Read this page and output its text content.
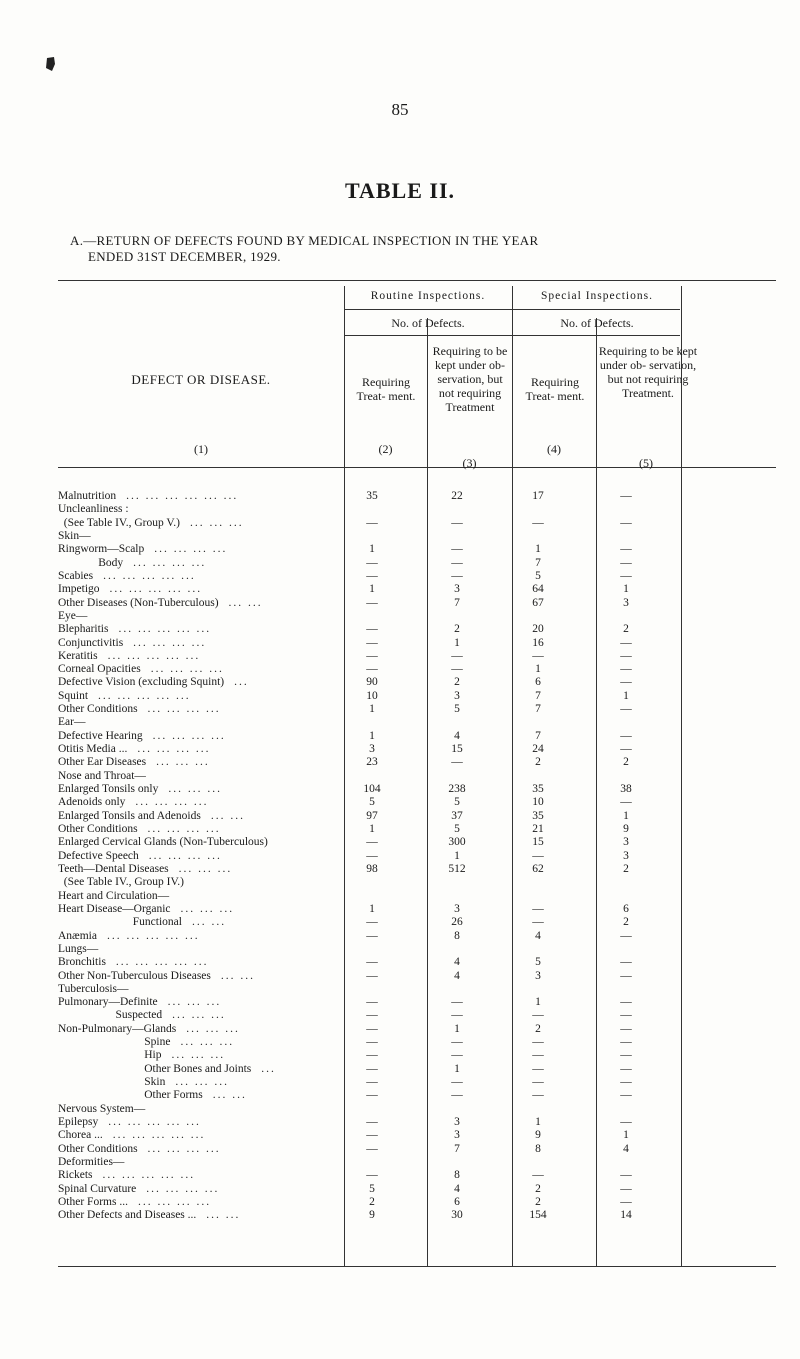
85
TABLE II.
A.—RETURN OF DEFECTS FOUND BY MEDICAL INSPECTION IN THE YEAR
ENDED 31ST DECEMBER, 1929.
Routine Inspections.	Special Inspections.
No. of Defects.	No. of Defects.
DEFECT OR DISEASE.
(1)
Requiring Treat- ment.
(2)
Requiring to be kept under ob- servation, but not requiring Treatment
(3)
Requiring Treat- ment.
(4)
Requiring to be kept under ob- servation, but not requiring Treatment.
(5)
Malnutrition ... ... ... ... ... ...	35	22	17	—
Uncleanliness :
(See Table IV., Group V.) ... ... ...	—	—	—	—
Skin—
Ringworm—Scalp ... ... ... ...	1	—	1	—
Body ... ... ... ...	—	—	7	—
Scabies ... ... ... ... ...	—	—	5	—
Impetigo ... ... ... ... ...	1	3	64	1
Other Diseases (Non-Tuberculous) ... ...	—	7	67	3
Eye—
Blepharitis ... ... ... ... ...	—	2	20	2
Conjunctivitis ... ... ... ...	—	1	16	—
Keratitis ... ... ... ... ...	—	—	—	—
Corneal Opacities ... ... ... ...	—	—	1	—
Defective Vision (excluding Squint) ...	90	2	6	—
Squint ... ... ... ... ...	10	3	7	1
Other Conditions ... ... ... ...	1	5	7	—
Ear—
Defective Hearing ... ... ... ...	1	4	7	—
Otitis Media ... ... ... ... ...	3	15	24	—
Other Ear Diseases ... ... ...	23	—	2	2
Nose and Throat—
Enlarged Tonsils only ... ... ...	104	238	35	38
Adenoids only ... ... ... ...	5	5	10	—
Enlarged Tonsils and Adenoids ... ...	97	37	35	1
Other Conditions ... ... ... ...	1	5	21	9
Enlarged Cervical Glands (Non-Tuberculous)	—	300	15	3
Defective Speech ... ... ... ...	—	1	—	3
Teeth—Dental Diseases ... ... ...	98	512	62	2
(See Table IV., Group IV.)
Heart and Circulation—
Heart Disease—Organic ... ... ...	1	3	—	6
Functional ... ...	—	26	—	2
Anæmia ... ... ... ... ...	—	8	4	—
Lungs—
Bronchitis ... ... ... ... ...	—	4	5	—
Other Non-Tuberculous Diseases ... ...	—	4	3	—
Tuberculosis—
Pulmonary—Definite ... ... ...	—	—	1	—
Suspected ... ... ...	—	—	—	—
Non-Pulmonary—Glands ... ... ...	—	1	2	—
Spine ... ... ...	—	—	—	—
Hip ... ... ...	—	—	—	—
Other Bones and Joints ...	—	1	—	—
Skin ... ... ...	—	—	—	—
Other Forms ... ...	—	—	—	—
Nervous System—
Epilepsy ... ... ... ... ...	—	3	1	—
Chorea ... ... ... ... ... ...	—	3	9	1
Other Conditions ... ... ... ...	—	7	8	4
Deformities—
Rickets ... ... ... ... ...	—	8	—	—
Spinal Curvature ... ... ... ...	5	4	2	—
Other Forms ... ... ... ... ...	2	6	2	—
Other Defects and Diseases ... ... ...	9	30	154	14
